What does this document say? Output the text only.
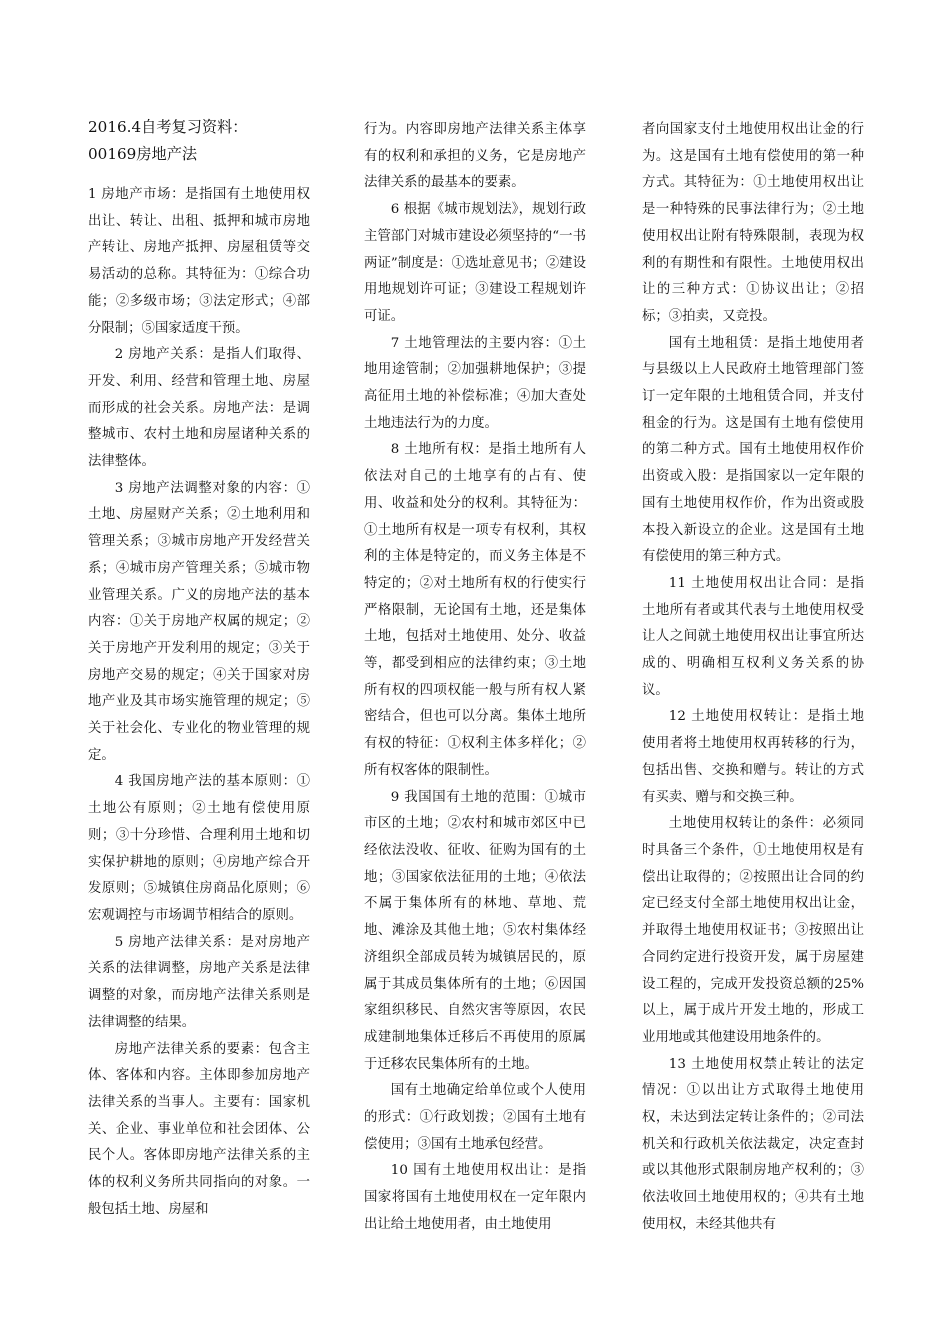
2016.4自考复习资料：

00169房地产法

1 房地产市场：是指国有土地使用权出让、转让、出租、抵押和城市房地产转让、房地产抵押、房屋租赁等交易活动的总称。其特征为：①综合功能；②多级市场；③法定形式；④部分限制；⑤国家适度干预。

2 房地产关系：是指人们取得、开发、利用、经营和管理土地、房屋而形成的社会关系。房地产法：是调整城市、农村土地和房屋诸种关系的法律整体。

3 房地产法调整对象的内容：①土地、房屋财产关系；②土地利用和管理关系；③城市房地产开发经营关系；④城市房产管理关系；⑤城市物业管理关系。广义的房地产法的基本内容：①关于房地产权属的规定；②关于房地产开发利用的规定；③关于房地产交易的规定；④关于国家对房地产业及其市场实施管理的规定；⑤关于社会化、专业化的物业管理的规定。

4 我国房地产法的基本原则：①土地公有原则；②土地有偿使用原则；③十分珍惜、合理利用土地和切实保护耕地的原则；④房地产综合开发原则；⑤城镇住房商品化原则；⑥宏观调控与市场调节相结合的原则。

5 房地产法律关系：是对房地产关系的法律调整，房地产关系是法律调整的对象，而房地产法律关系则是法律调整的结果。

房地产法律关系的要素：包含主体、客体和内容。主体即参加房地产法律关系的当事人。主要有：国家机关、企业、事业单位和社会团体、公民个人。客体即房地产法律关系的主体的权利义务所共同指向的对象。一般包括土地、房屋和

行为。内容即房地产法律关系主体享有的权利和承担的义务，它是房地产法律关系的最基本的要素。

6 根据《城市规划法》，规划行政主管部门对城市建设必须坚持的“一书两证”制度是：①选址意见书；②建设用地规划许可证；③建设工程规划许可证。

7 土地管理法的主要内容：①土地用途管制；②加强耕地保护；③提高征用土地的补偿标准；④加大查处土地违法行为的力度。

8 土地所有权：是指土地所有人依法对自己的土地享有的占有、使用、收益和处分的权利。其特征为：①土地所有权是一项专有权利，其权利的主体是特定的，而义务主体是不特定的；②对土地所有权的行使实行严格限制，无论国有土地，还是集体土地，包括对土地使用、处分、收益等，都受到相应的法律约束；③土地所有权的四项权能一般与所有权人紧密结合，但也可以分离。集体土地所有权的特征：①权利主体多样化；②所有权客体的限制性。

9 我国国有土地的范围：①城市市区的土地；②农村和城市郊区中已经依法没收、征收、征购为国有的土地；③国家依法征用的土地；④依法不属于集体所有的林地、草地、荒地、滩涂及其他土地；⑤农村集体经济组织全部成员转为城镇居民的，原属于其成员集体所有的土地；⑥因国家组织移民、自然灾害等原因，农民成建制地集体迁移后不再使用的原属于迁移农民集体所有的土地。

国有土地确定给单位或个人使用的形式：①行政划拨；②国有土地有偿使用；③国有土地承包经营。

10 国有土地使用权出让：是指国家将国有土地使用权在一定年限内出让给土地使用者，由土地使用

者向国家支付土地使用权出让金的行为。这是国有土地有偿使用的第一种方式。其特征为：①土地使用权出让是一种特殊的民事法律行为；②土地使用权出让附有特殊限制，表现为权利的有期性和有限性。土地使用权出让的三种方式：①协议出让；②招标；③拍卖，又竞投。

国有土地租赁：是指土地使用者与县级以上人民政府土地管理部门签订一定年限的土地租赁合同，并支付租金的行为。这是国有土地有偿使用的第二种方式。国有土地使用权作价出资或入股：是指国家以一定年限的国有土地使用权作价，作为出资或股本投入新设立的企业。这是国有土地有偿使用的第三种方式。

11 土地使用权出让合同：是指土地所有者或其代表与土地使用权受让人之间就土地使用权出让事宜所达成的、明确相互权利义务关系的协议。

12 土地使用权转让：是指土地使用者将土地使用权再转移的行为，包括出售、交换和赠与。转让的方式有买卖、赠与和交换三种。

土地使用权转让的条件：必须同时具备三个条件，①土地使用权是有偿出让取得的；②按照出让合同的约定已经支付全部土地使用权出让金，并取得土地使用权证书；③按照出让合同约定进行投资开发，属于房屋建设工程的，完成开发投资总额的25%以上，属于成片开发土地的，形成工业用地或其他建设用地条件的。

13 土地使用权禁止转让的法定情况：①以出让方式取得土地使用权，未达到法定转让条件的；②司法机关和行政机关依法裁定，决定查封或以其他形式限制房地产权利的；③依法收回土地使用权的；④共有土地使用权，未经其他共有
